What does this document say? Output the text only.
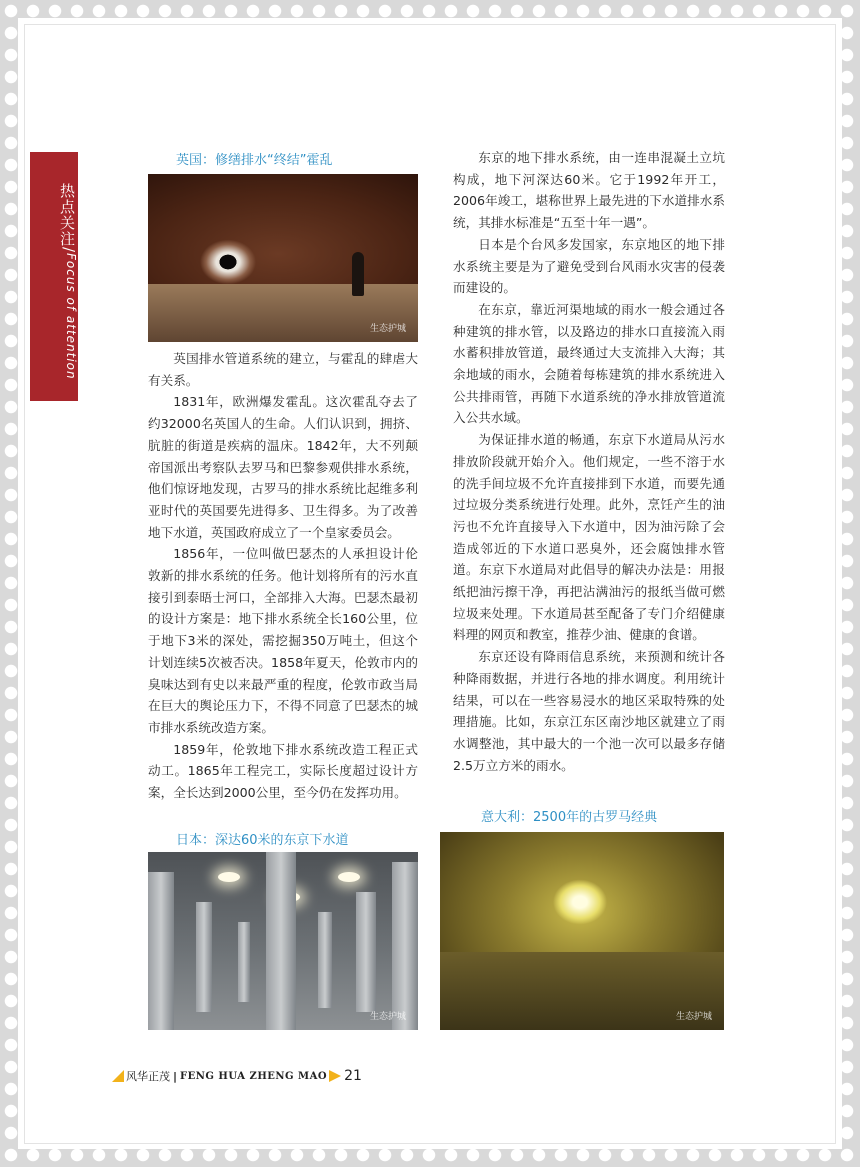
热点关注
/
Focus of attention
英国：修缮排水“终结”霍乱
生态护城

英国排水管道系统的建立，与霍乱的肆虐大有关系。

1831年，欧洲爆发霍乱。这次霍乱夺去了约32000名英国人的生命。人们认识到，拥挤、肮脏的街道是疾病的温床。1842年，大不列颠帝国派出考察队去罗马和巴黎参观供排水系统，他们惊讶地发现，古罗马的排水系统比起维多利亚时代的英国要先进得多、卫生得多。为了改善地下水道，英国政府成立了一个皇家委员会。

1856年，一位叫做巴瑟杰的人承担设计伦敦新的排水系统的任务。他计划将所有的污水直接引到泰晤士河口，全部排入大海。巴瑟杰最初的设计方案是：地下排水系统全长160公里，位于地下3米的深处，需挖掘350万吨土，但这个计划连续5次被否决。1858年夏天，伦敦市内的臭味达到有史以来最严重的程度，伦敦市政当局在巨大的舆论压力下，不得不同意了巴瑟杰的城市排水系统改造方案。

1859年，伦敦地下排水系统改造工程正式动工。1865年工程完工，实际长度超过设计方案，全长达到2000公里，至今仍在发挥功用。

日本：深达60米的东京下水道
生态护城

东京的地下排水系统，由一连串混凝土立坑构成，地下河深达60米。它于1992年开工，2006年竣工，堪称世界上最先进的下水道排水系统，其排水标准是“五至十年一遇”。

日本是个台风多发国家，东京地区的地下排水系统主要是为了避免受到台风雨水灾害的侵袭而建设的。

在东京，靠近河渠地域的雨水一般会通过各种建筑的排水管，以及路边的排水口直接流入雨水蓄积排放管道，最终通过大支流排入大海；其余地域的雨水，会随着每栋建筑的排水系统进入公共排雨管，再随下水道系统的净水排放管道流入公共水域。

为保证排水道的畅通，东京下水道局从污水排放阶段就开始介入。他们规定，一些不溶于水的洗手间垃圾不允许直接排到下水道，而要先通过垃圾分类系统进行处理。此外，烹饪产生的油污也不允许直接导入下水道中，因为油污除了会造成邻近的下水道口恶臭外，还会腐蚀排水管道。东京下水道局对此倡导的解决办法是：用报纸把油污擦干净，再把沾满油污的报纸当做可燃垃圾来处理。下水道局甚至配备了专门介绍健康料理的网页和教室，推荐少油、健康的食谱。

东京还设有降雨信息系统，来预测和统计各种降雨数据，并进行各地的排水调度。利用统计结果，可以在一些容易浸水的地区采取特殊的处理措施。比如，东京江东区南沙地区就建立了雨水调整池，其中最大的一个池一次可以最多存储2.5万立方米的雨水。

意大利：2500年的古罗马经典
生态护城
风华正茂 | FENG HUA ZHENG MAO 21
